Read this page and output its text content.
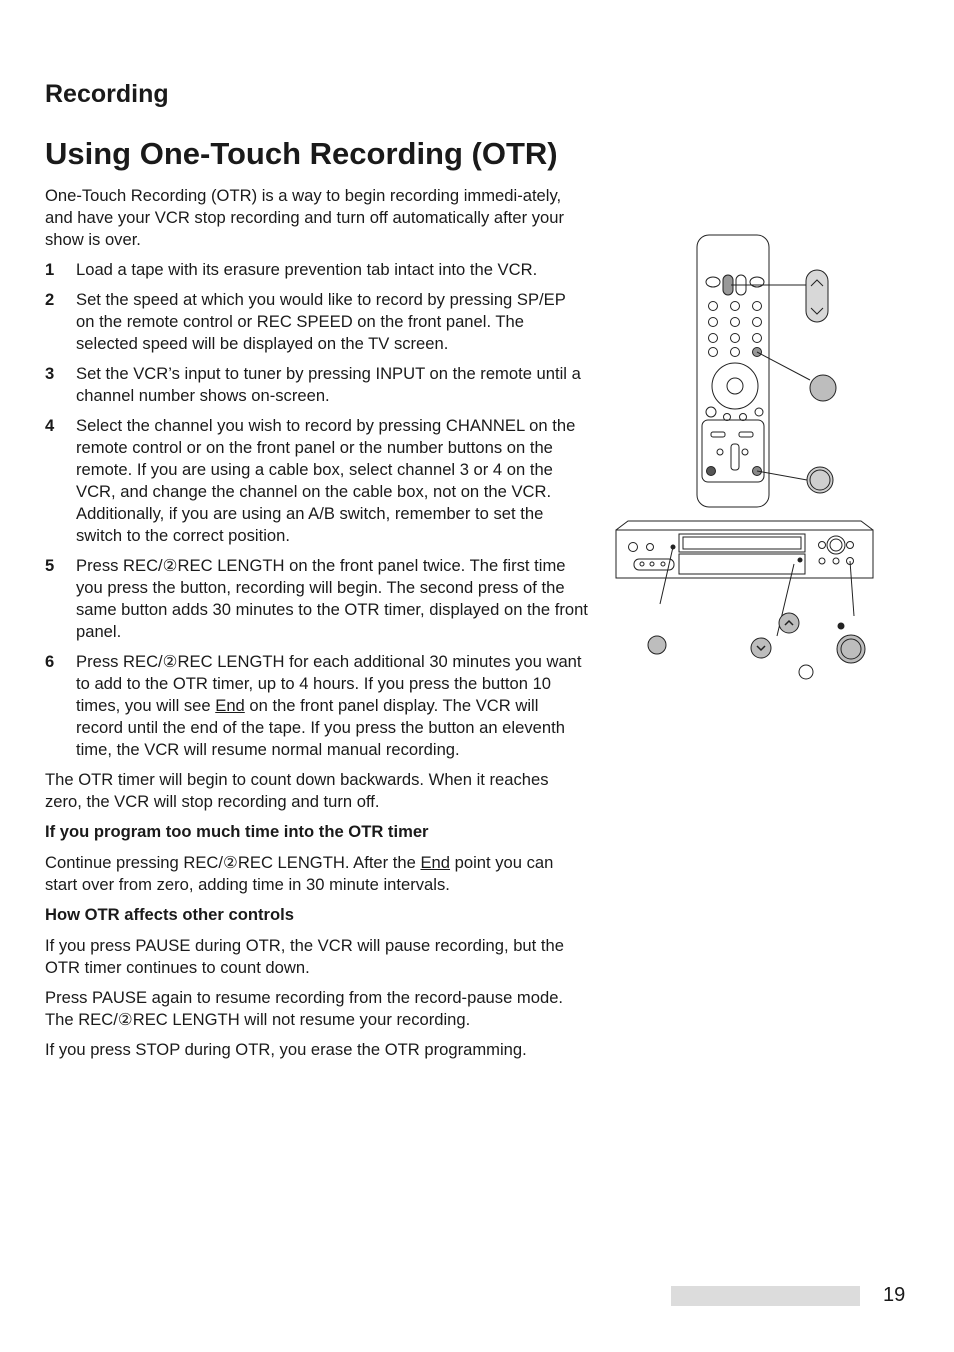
Recording
Using One-Touch Recording (OTR)

One-Touch Recording (OTR) is a way to begin recording immedi-ately, and have your VCR stop recording and turn off automatically after your show is over.

1	Load a tape with its erasure prevention tab intact into the VCR.
2	Set the speed at which you would like to record by pressing SP/EP on the remote control or REC SPEED on the front panel. The selected speed will be displayed on the TV screen.
3	Set the VCR’s input to tuner by pressing INPUT on the remote until a channel number shows on-screen.
4	Select the channel you wish to record by pressing CHANNEL on the remote control or on the front panel or the number buttons on the remote. If you are using a cable box, select channel 3 or 4 on the VCR, and change the channel on the cable box, not on the VCR. Additionally, if you are using an A/B switch, remember to set the switch to the correct position.
5	Press REC/②REC LENGTH on the front panel twice. The first time you press the button, recording will begin. The second press of the same button adds 30 minutes to the OTR timer, displayed on the front panel.
6	Press REC/②REC LENGTH for each additional 30 minutes you want to add to the OTR timer, up to 4 hours. If you press the button 10 times, you will see End on the front panel display. The VCR will record until the end of the tape. If you press the button an eleventh time, the VCR will resume normal manual recording.

The OTR timer will begin to count down backwards. When it reaches zero, the VCR will stop recording and turn off.

If you program too much time into the OTR timer

Continue pressing REC/②REC LENGTH. After the End point you can start over from zero, adding time in 30 minute intervals.

How OTR affects other controls

If you press PAUSE during OTR, the VCR will pause recording, but the OTR timer continues to count down.

Press PAUSE again to resume recording from the record-pause mode. The REC/②REC LENGTH will not resume your recording.

If you press STOP during OTR, you erase the OTR programming.

19
